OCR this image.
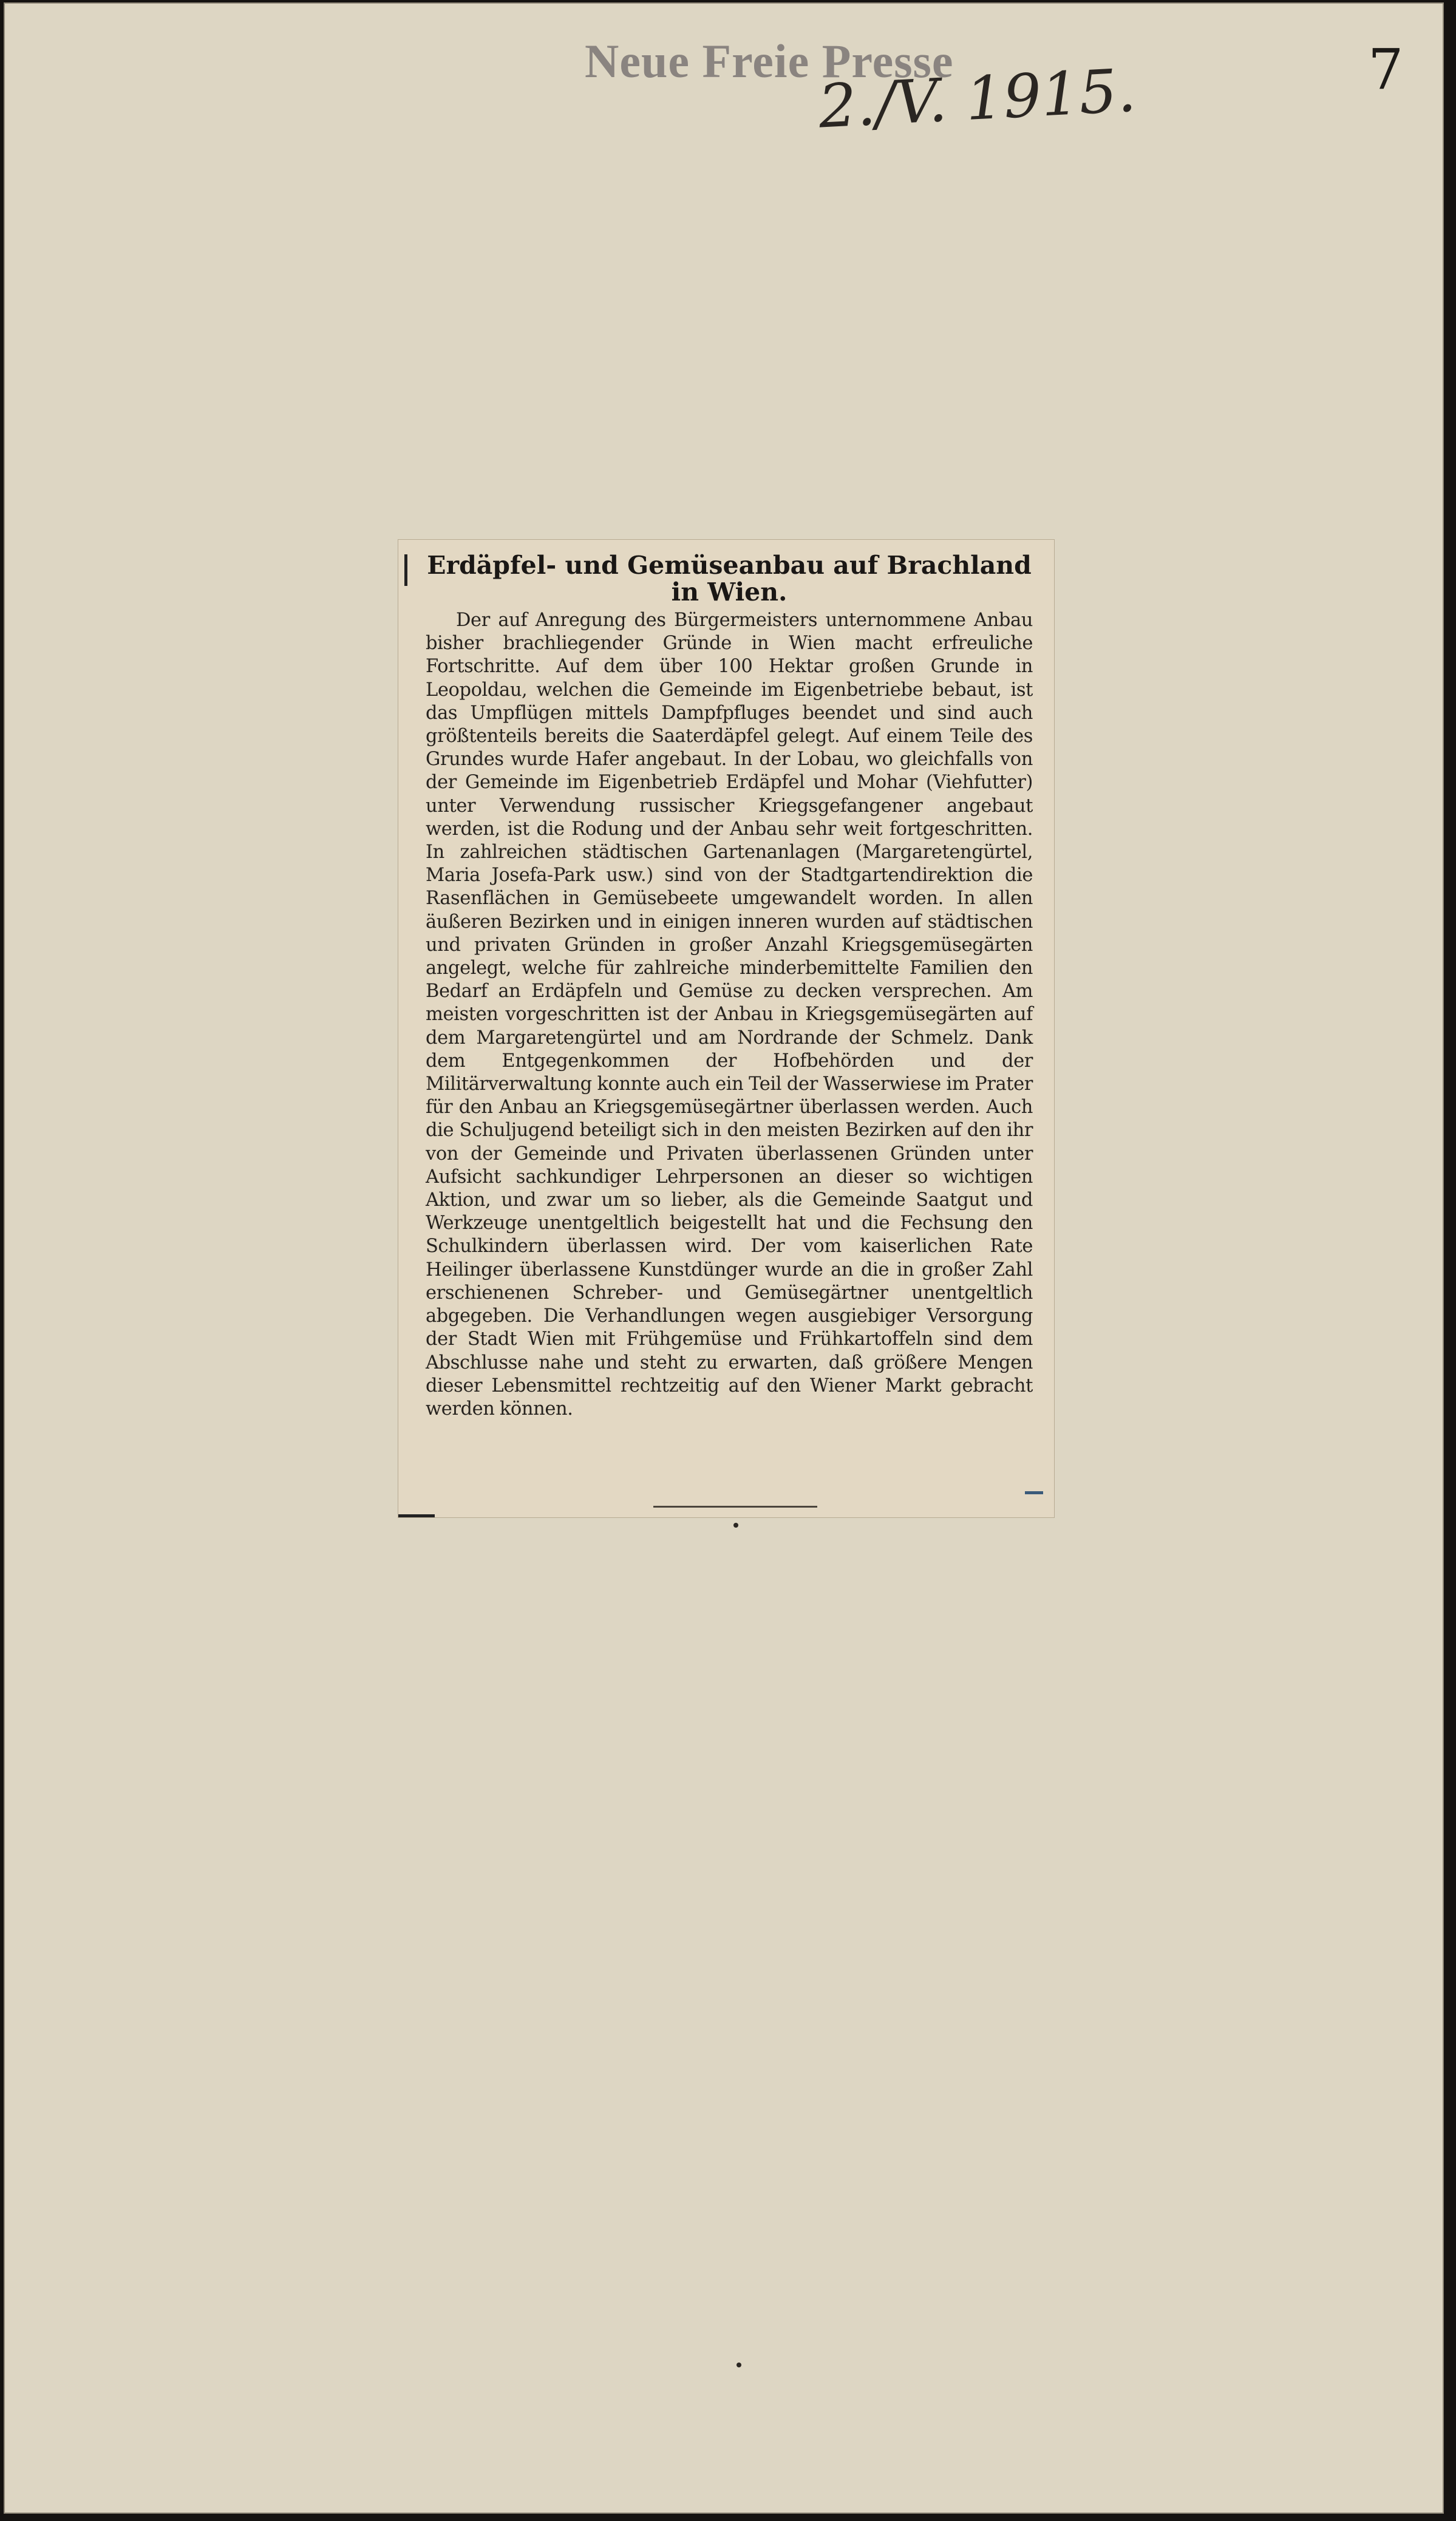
Neue Freie Presse
2./V. 1915.	7
Erdäpfel- und Gemüseanbau auf Brachland in Wien.
Der auf Anregung des Bürgermeisters unternommene Anbau bisher brachliegender Gründe in Wien macht erfreuliche Fortschritte. Auf dem über 100 Hektar großen Grunde in Leopoldau, welchen die Gemeinde im Eigenbetriebe bebaut, ist das Umpflügen mittels Dampfpfluges beendet und sind auch größtenteils bereits die Saaterdäpfel gelegt. Auf einem Teile des Grundes wurde Hafer angebaut. In der Lobau, wo gleichfalls von der Gemeinde im Eigenbetrieb Erdäpfel und Mohar (Viehfutter) unter Verwendung russischer Kriegsgefangener angebaut werden, ist die Rodung und der Anbau sehr weit fortgeschritten. In zahlreichen städtischen Gartenanlagen (Margaretengürtel, Maria Josefa-Park usw.) sind von der Stadtgartendirektion die Rasenflächen in Gemüsebeete umgewandelt worden. In allen äußeren Bezirken und in einigen inneren wurden auf städtischen und privaten Gründen in großer Anzahl Kriegsgemüsegärten angelegt, welche für zahlreiche minderbemittelte Familien den Bedarf an Erdäpfeln und Gemüse zu decken versprechen. Am meisten vorgeschritten ist der Anbau in Kriegsgemüsegärten auf dem Margaretengürtel und am Nordrande der Schmelz. Dank dem Entgegenkommen der Hofbehörden und der Militärverwaltung konnte auch ein Teil der Wasserwiese im Prater für den Anbau an Kriegsgemüsegärtner überlassen werden. Auch die Schuljugend beteiligt sich in den meisten Bezirken auf den ihr von der Gemeinde und Privaten überlassenen Gründen unter Aufsicht sachkundiger Lehrpersonen an dieser so wichtigen Aktion, und zwar um so lieber, als die Gemeinde Saatgut und Werkzeuge unentgeltlich beigestellt hat und die Fechsung den Schulkindern überlassen wird. Der vom kaiserlichen Rate Heilinger überlassene Kunstdünger wurde an die in großer Zahl erschienenen Schreber- und Gemüsegärtner unentgeltlich abgegeben. Die Verhandlungen wegen ausgiebiger Versorgung der Stadt Wien mit Frühgemüse und Frühkartoffeln sind dem Abschlusse nahe und steht zu erwarten, daß größere Mengen dieser Lebensmittel rechtzeitig auf den Wiener Markt gebracht werden können.
